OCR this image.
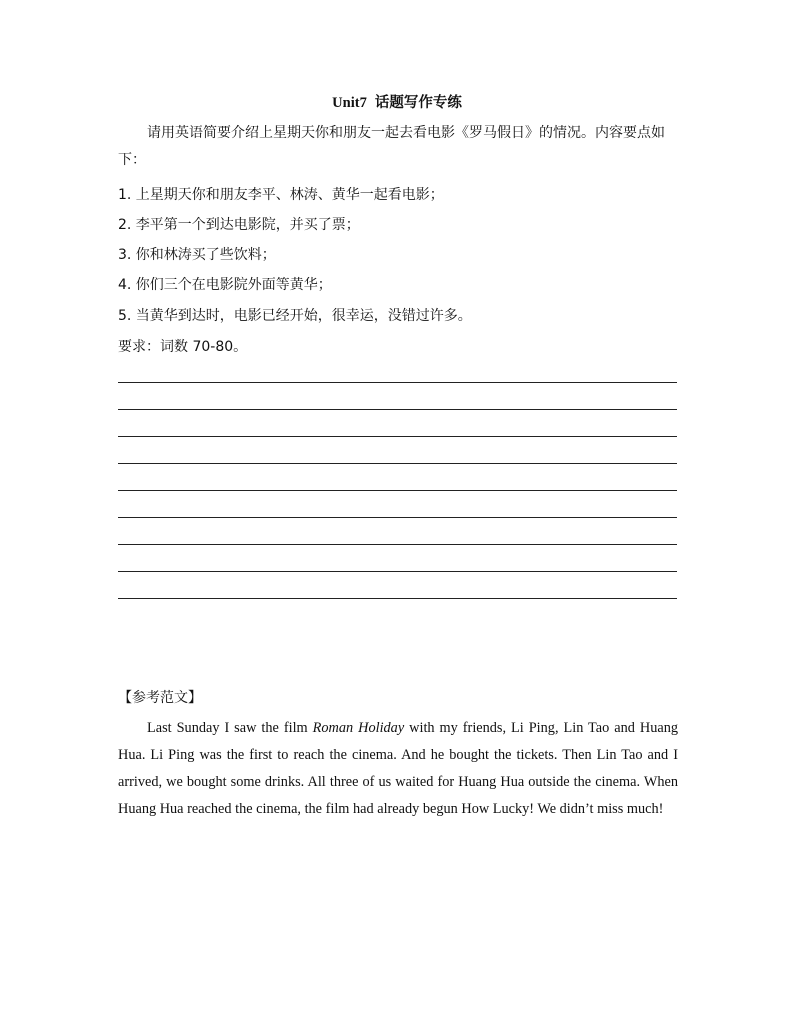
Unit7 话题写作专练
请用英语简要介绍上星期天你和朋友一起去看电影《罗马假日》的情况。内容要点如下：
1. 上星期天你和朋友李平、林涛、黄华一起看电影；
2. 李平第一个到达电影院，并买了票；
3. 你和林涛买了些饮料；
4. 你们三个在电影院外面等黄华；
5. 当黄华到达时，电影已经开始，很幸运，没错过许多。
要求：词数 70-80。
【参考范文】
Last Sunday I saw the film Roman Holiday with my friends, Li Ping, Lin Tao and Huang Hua. Li Ping was the first to reach the cinema. And he bought the tickets. Then Lin Tao and I arrived, we bought some drinks. All three of us waited for Huang Hua outside the cinema. When Huang Hua reached the cinema, the film had already begun How Lucky! We didn’t miss much!
